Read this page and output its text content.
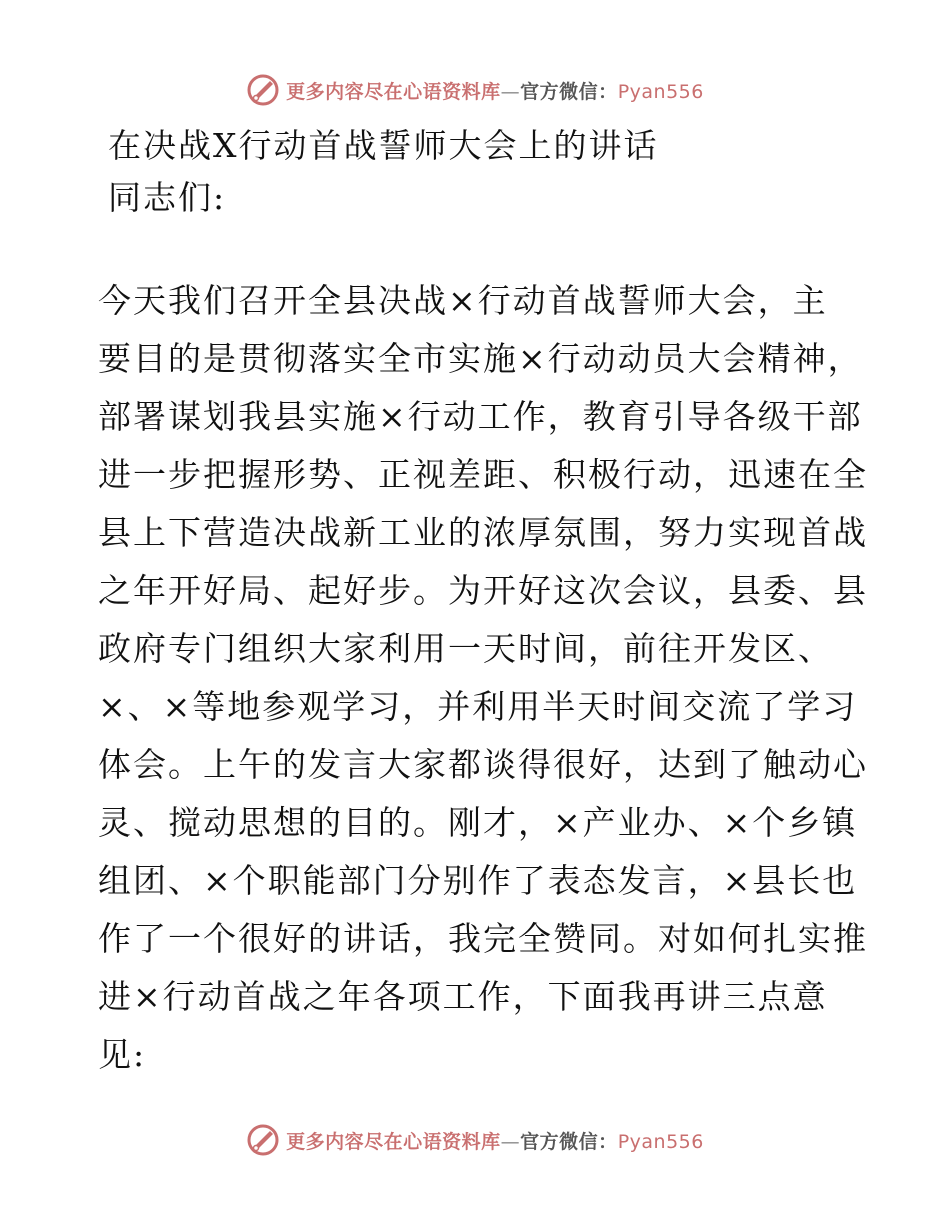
更多内容尽在心语资料库—官方微信：Pyan556
在决战X行动首战誓师大会上的讲话
同志们:
今天我们召开全县决战×行动首战誓师大会，主
要目的是贯彻落实全市实施×行动动员大会精神，
部署谋划我县实施×行动工作，教育引导各级干部
进一步把握形势、正视差距、积极行动，迅速在全
县上下营造决战新工业的浓厚氛围，努力实现首战
之年开好局、起好步。为开好这次会议，县委、县
政府专门组织大家利用一天时间，前往开发区、
×、×等地参观学习，并利用半天时间交流了学习
体会。上午的发言大家都谈得很好，达到了触动心
灵、搅动思想的目的。刚才，×产业办、×个乡镇
组团、×个职能部门分别作了表态发言，×县长也
作了一个很好的讲话，我完全赞同。对如何扎实推
进×行动首战之年各项工作，下面我再讲三点意
见:
更多内容尽在心语资料库—官方微信：Pyan556
